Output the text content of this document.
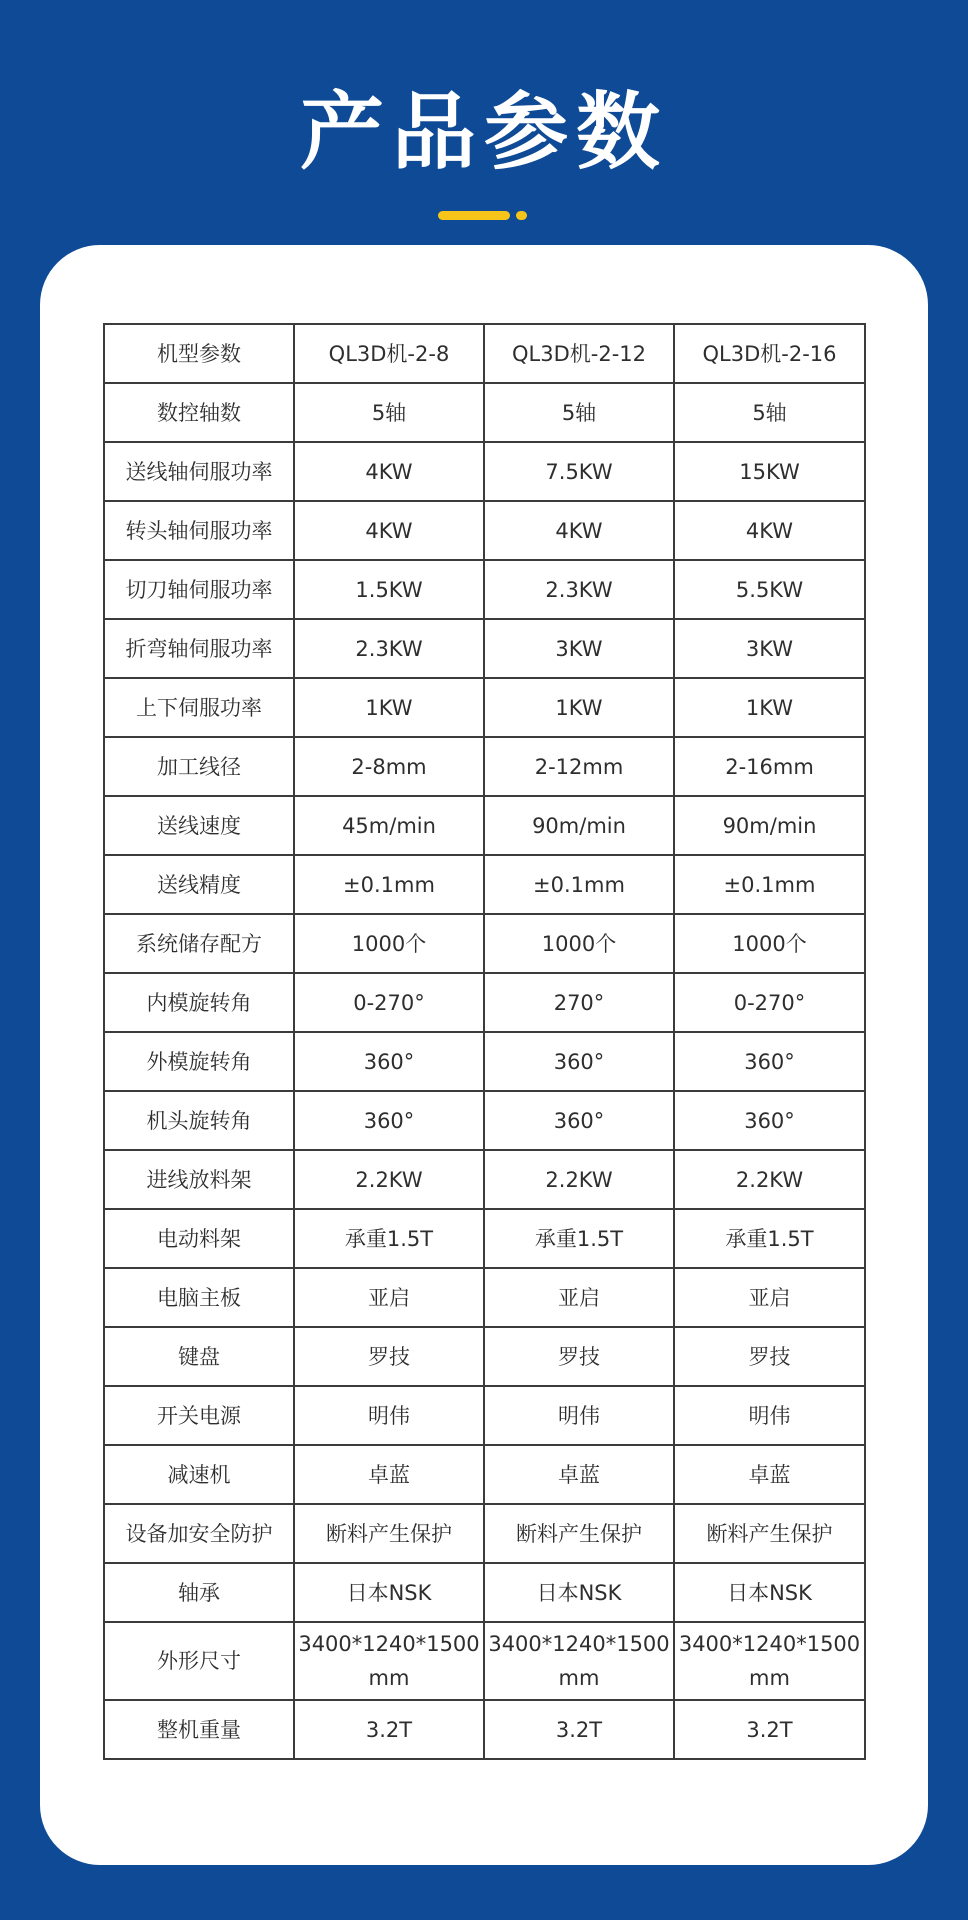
产品参数
机型参数	QL3D机-2-8	QL3D机-2-12	QL3D机-2-16
数控轴数	5轴	5轴	5轴
送线轴伺服功率	4KW	7.5KW	15KW
转头轴伺服功率	4KW	4KW	4KW
切刀轴伺服功率	1.5KW	2.3KW	5.5KW
折弯轴伺服功率	2.3KW	3KW	3KW
上下伺服功率	1KW	1KW	1KW
加工线径	2-8mm	2-12mm	2-16mm
送线速度	45m/min	90m/min	90m/min
送线精度	±0.1mm	±0.1mm	±0.1mm
系统储存配方	1000个	1000个	1000个
内模旋转角	0-270°	270°	0-270°
外模旋转角	360°	360°	360°
机头旋转角	360°	360°	360°
进线放料架	2.2KW	2.2KW	2.2KW
电动料架	承重1.5T	承重1.5T	承重1.5T
电脑主板	亚启	亚启	亚启
键盘	罗技	罗技	罗技
开关电源	明伟	明伟	明伟
减速机	卓蓝	卓蓝	卓蓝
设备加安全防护	断料产生保护	断料产生保护	断料产生保护
轴承	日本NSK	日本NSK	日本NSK
外形尺寸	3400*1240*1500 mm	3400*1240*1500 mm	3400*1240*1500 mm
整机重量	3.2T	3.2T	3.2T
